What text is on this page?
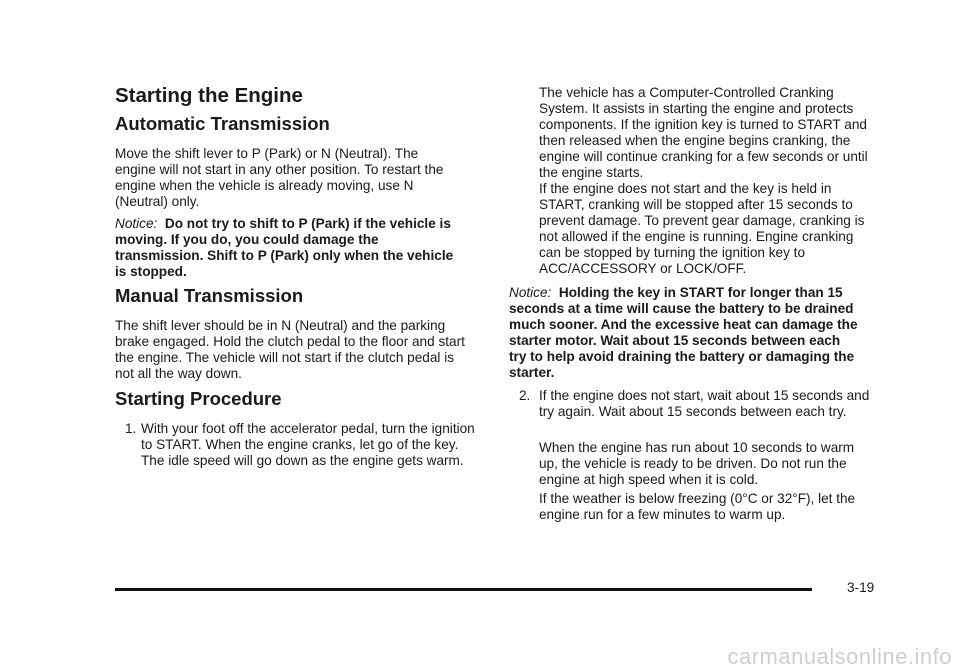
Starting the Engine
Automatic Transmission

Move the shift lever to P (Park) or N (Neutral). The engine will not start in any other position. To restart the engine when the vehicle is already moving, use N (Neutral) only.

Notice: Do not try to shift to P (Park) if the vehicle is moving. If you do, you could damage the transmission. Shift to P (Park) only when the vehicle is stopped.

Manual Transmission

The shift lever should be in N (Neutral) and the parking brake engaged. Hold the clutch pedal to the floor and start the engine. The vehicle will not start if the clutch pedal is not all the way down.

Starting Procedure
1. With your foot off the accelerator pedal, turn the ignition to START. When the engine cranks, let go of the key. The idle speed will go down as the engine gets warm.

The vehicle has a Computer-Controlled Cranking System. It assists in starting the engine and protects components. If the ignition key is turned to START and then released when the engine begins cranking, the engine will continue cranking for a few seconds or until the engine starts.

If the engine does not start and the key is held in START, cranking will be stopped after 15 seconds to prevent damage. To prevent gear damage, cranking is not allowed if the engine is running. Engine cranking can be stopped by turning the ignition key to ACC/ACCESSORY or LOCK/OFF.

Notice: Holding the key in START for longer than 15 seconds at a time will cause the battery to be drained much sooner. And the excessive heat can damage the starter motor. Wait about 15 seconds between each try to help avoid draining the battery or damaging the starter.

2. If the engine does not start, wait about 15 seconds and try again. Wait about 15 seconds between each try.

When the engine has run about 10 seconds to warm up, the vehicle is ready to be driven. Do not run the engine at high speed when it is cold.

If the weather is below freezing (0°C or 32°F), let the engine run for a few minutes to warm up.

3-19
carmanualsonline.info
